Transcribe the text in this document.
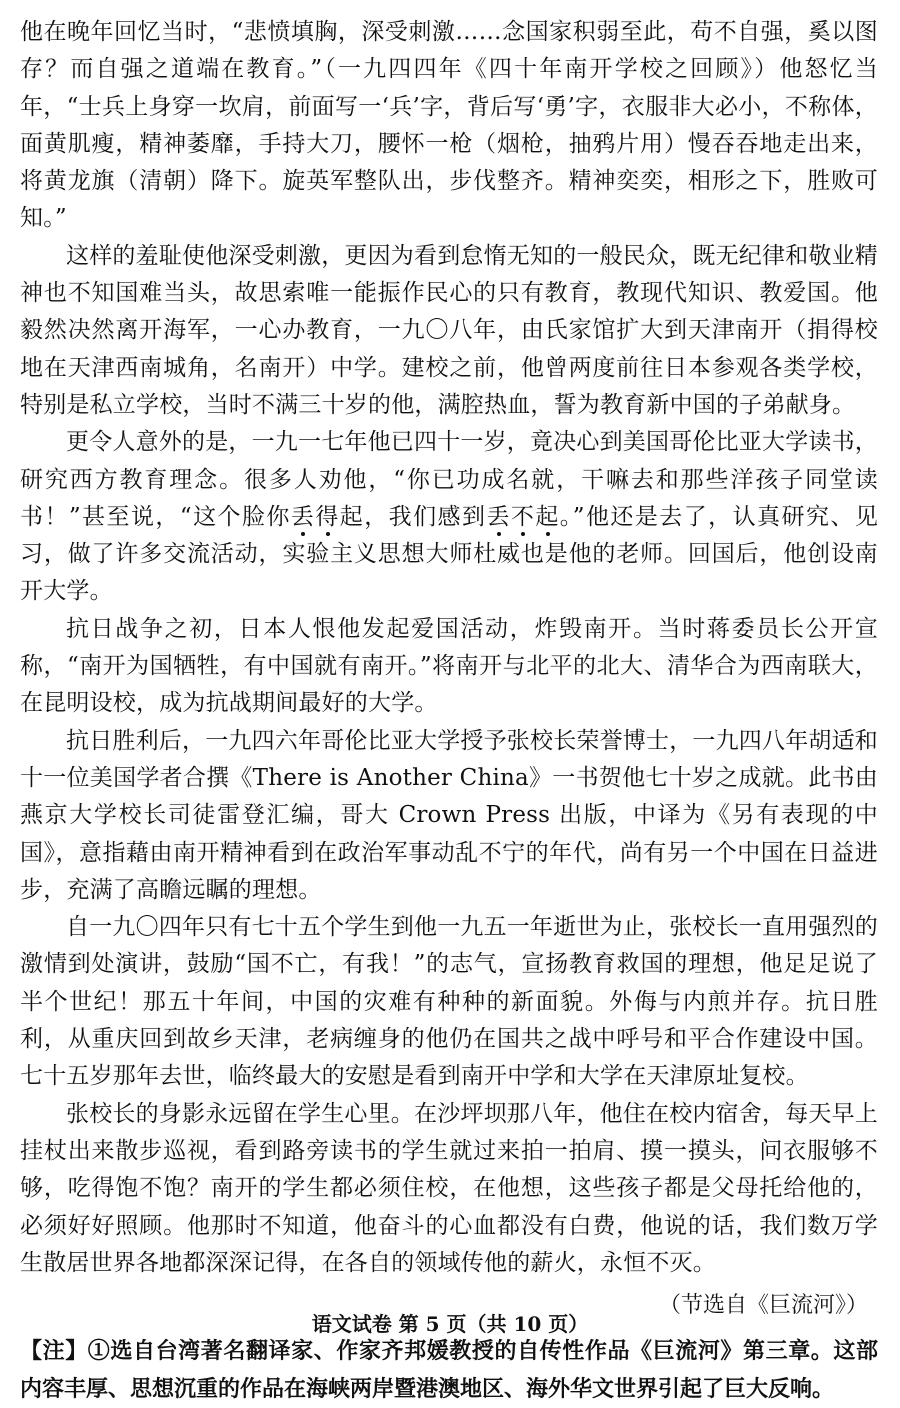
他在晚年回忆当时，“悲愤填胸，深受刺激……念国家积弱至此，苟不自强，奚以图存？而自强之道端在教育。”（一九四四年《四十年南开学校之回顾》）他怒忆当年，“士兵上身穿一坎肩，前面写一‘兵’字，背后写‘勇’字，衣服非大必小，不称体，面黄肌瘦，精神萎靡，手持大刀，腰怀一枪（烟枪，抽鸦片用）慢吞吞地走出来，将黄龙旗（清朝）降下。旋英军整队出，步伐整齐。精神奕奕，相形之下，胜败可知。”

这样的羞耻使他深受刺激，更因为看到怠惰无知的一般民众，既无纪律和敬业精神也不知国难当头，故思索唯一能振作民心的只有教育，教现代知识、教爱国。他毅然决然离开海军，一心办教育，一九〇八年，由氏家馆扩大到天津南开（捐得校地在天津西南城角，名南开）中学。建校之前，他曾两度前往日本参观各类学校，特别是私立学校，当时不满三十岁的他，满腔热血，誓为教育新中国的子弟献身。

更令人意外的是，一九一七年他已四十一岁，竟决心到美国哥伦比亚大学读书，研究西方教育理念。很多人劝他，“你已功成名就，干嘛去和那些洋孩子同堂读书！”甚至说，“这个脸你丢得起，我们感到丢不起。”他还是去了，认真研究、见习，做了许多交流活动，实验主义思想大师杜威也是他的老师。回国后，他创设南开大学。

抗日战争之初，日本人恨他发起爱国活动，炸毁南开。当时蒋委员长公开宣称，“南开为国牺牲，有中国就有南开。”将南开与北平的北大、清华合为西南联大，在昆明设校，成为抗战期间最好的大学。

抗日胜利后，一九四六年哥伦比亚大学授予张校长荣誉博士，一九四八年胡适和十一位美国学者合撰《There is Another China》一书贺他七十岁之成就。此书由燕京大学校长司徒雷登汇编，哥大 Crown Press 出版，中译为《另有表现的中国》，意指藉由南开精神看到在政治军事动乱不宁的年代，尚有另一个中国在日益进步，充满了高瞻远瞩的理想。

自一九〇四年只有七十五个学生到他一九五一年逝世为止，张校长一直用强烈的激情到处演讲，鼓励“国不亡，有我！”的志气，宣扬教育救国的理想，他足足说了半个世纪！那五十年间，中国的灾难有种种的新面貌。外侮与内煎并存。抗日胜利，从重庆回到故乡天津，老病缠身的他仍在国共之战中呼号和平合作建设中国。七十五岁那年去世，临终最大的安慰是看到南开中学和大学在天津原址复校。

张校长的身影永远留在学生心里。在沙坪坝那八年，他住在校内宿舍，每天早上挂杖出来散步巡视，看到路旁读书的学生就过来拍一拍肩、摸一摸头，问衣服够不够，吃得饱不饱？南开的学生都必须住校，在他想，这些孩子都是父母托给他的，必须好好照顾。他那时不知道，他奋斗的心血都没有白费，他说的话，我们数万学生散居世界各地都深深记得，在各自的领域传他的薪火，永恒不灭。

（节选自《巨流河》）
【注】①选自台湾著名翻译家、作家齐邦媛教授的自传性作品《巨流河》第三章。这部内容丰厚、思想沉重的作品在海峡两岸暨港澳地区、海外华文世界引起了巨大反响。
语文试卷 第 5 页（共 10 页）
